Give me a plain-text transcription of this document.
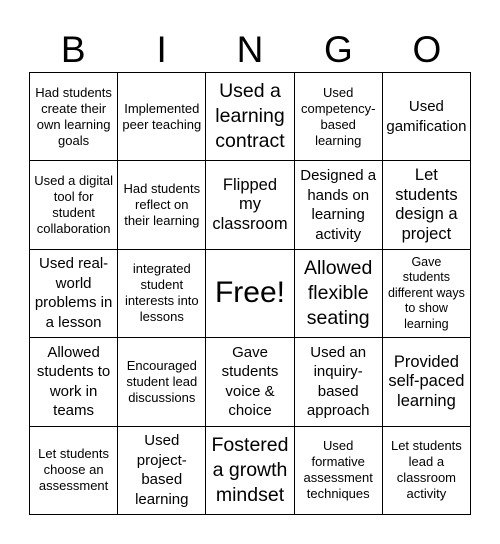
B	I	N	G	O
Had students create their own learning goals
Implemented peer teaching
Used a learning contract
Used competency-based learning
Used gamification
Used a digital tool for student collaboration
Had students reflect on their learning
Flipped my classroom
Designed a hands on learning activity
Let students design a project
Used real-world problems in a lesson
integrated student interests into lessons
Free!
Allowed flexible seating
Gave students different ways to show learning
Allowed students to work in teams
Encouraged student lead discussions
Gave students voice & choice
Used an inquiry-based approach
Provided self-paced learning
Let students choose an assessment
Used project-based learning
Fostered a growth mindset
Used formative assessment techniques
Let students lead a classroom activity
